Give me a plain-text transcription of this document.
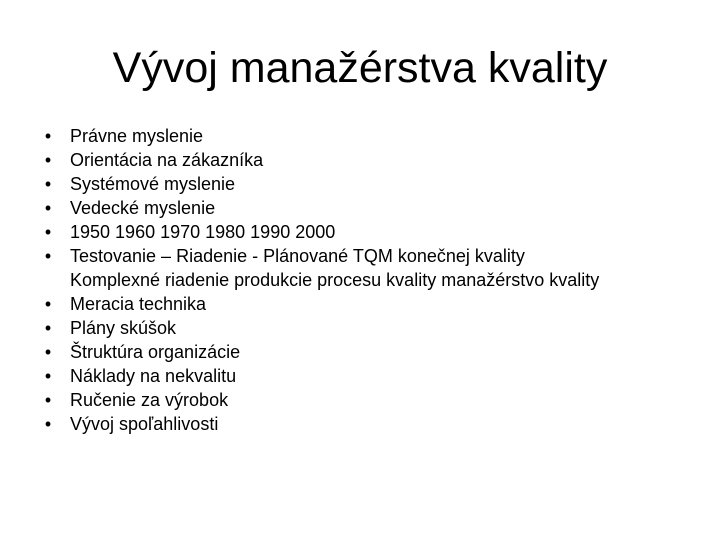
Vývoj manažérstva kvality
• Právne myslenie
• Orientácia na zákazníka
• Systémové myslenie
• Vedecké myslenie
• 1950 1960 1970 1980 1990 2000
• Testovanie – Riadenie - Plánované TQM konečnej kvality
Komplexné riadenie produkcie procesu kvality manažérstvo kvality
• Meracia technika
• Plány skúšok
• Štruktúra organizácie
• Náklady na nekvalitu
• Ručenie za výrobok
• Vývoj spoľahlivosti
